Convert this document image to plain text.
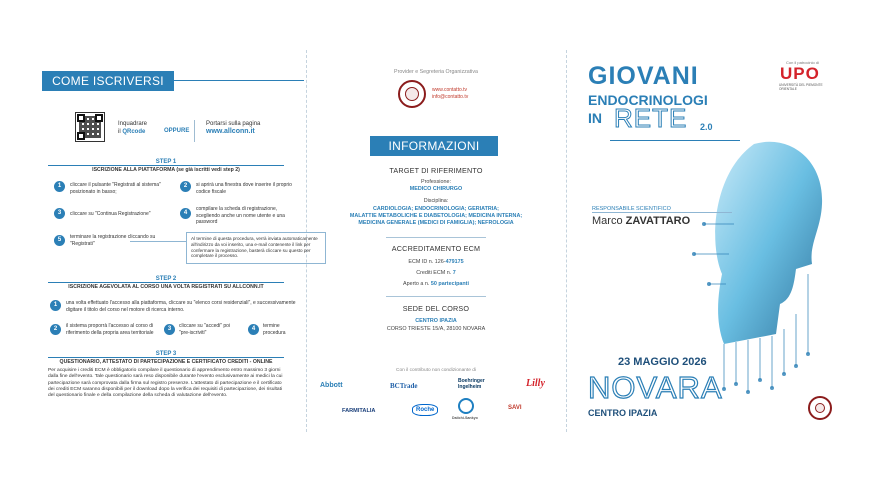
COME ISCRIVERSI
Inquadrare
il QRcode	OPPURE
Portarsi sulla pagina
www.allconn.it
STEP 1
ISCRIZIONE ALLA PIATTAFORMA (se già iscritti vedi step 2)
1	cliccare il pulsante "Registrati al sistema" posizionato in basso;
2	si aprirà una finestra dove inserire il proprio codice fiscale
3	cliccare su "Continua Registrazione"	4
compilare la scheda di registrazione, scegliendo anche un nome utente e una password
5	terminare la registrazione cliccando su "Registrati"
Al termine di questa procedura, verrà inviata automaticamente all'indirizzo da voi inserito, una e-mail contenente il link per confermare la registrazione, basterà cliccare su questo per completare il processo.
STEP 2
ISCRIZIONE AGEVOLATA AL CORSO UNA VOLTA REGISTRATI SU ALLCONN.IT
1	una volta effettuato l'accesso alla piattaforma, cliccare su "elenco corsi residenziali", e successivamente digitare il titolo del corso nel motore di ricerca interno.
2	il sistema proporrà l'accesso al corso di riferimento della propria area territoriale
3	cliccare su "accedi" poi "pre-iscriviti"
4	termine procedura
STEP 3
QUESTIONARIO, ATTESTATO DI PARTECIPAZIONE E CERTIFICATO CREDITI - ONLINE
Per acquisire i crediti ECM è obbligatorio compilare il questionario di apprendimento entro massimo 3 giorni dalla fine dell'evento. Tale questionario sarà reso disponibile durante l'evento esclusivamente ai medici la cui partecipazione sarà comprovata dalla firma sul registro presenze. L'attestato di partecipazione e il certificato dei crediti ECM saranno disponibili per il download dopo la verifica dei requisiti di partecipazione, dei risultati del questionario finale e della compilazione della scheda di valutazione dell'evento.
Provider e Segreteria Organizzativa
www.contatto.tv
info@contatto.tv
INFORMAZIONI
TARGET DI RIFERIMENTO
Professione:
MEDICO CHIRURGO
Disciplina:
CARDIOLOGIA; ENDOCRINOLOGIA; GERIATRIA;
MALATTIE METABOLICHE E DIABETOLOGIA; MEDICINA INTERNA;
MEDICINA GENERALE (MEDICI DI FAMIGLIA); NEFROLOGIA
ACCREDITAMENTO ECM
ECM ID n. 126-479175
Crediti ECM n. 7
Aperto a n. 50 partecipanti
SEDE DEL CORSO
CENTRO IPAZIA
CORSO TRIESTE 15/A, 28100 NOVARA
Con il contributo non condizionante di
Abbott	BCTrade
Boehringer Ingelheim	Lilly
FARMITALIA	Roche
Daiichi-Sankyo
SAVI
Con il patrocinio di
UPO
UNIVERSITÀ DEL PIEMONTE ORIENTALE
GIOVANI
ENDOCRINOLOGI
IN RETE 2.0
RESPONSABILE SCIENTIFICO
Marco ZAVATTARO
23 MAGGIO 2026
NOVARA
CENTRO IPAZIA
